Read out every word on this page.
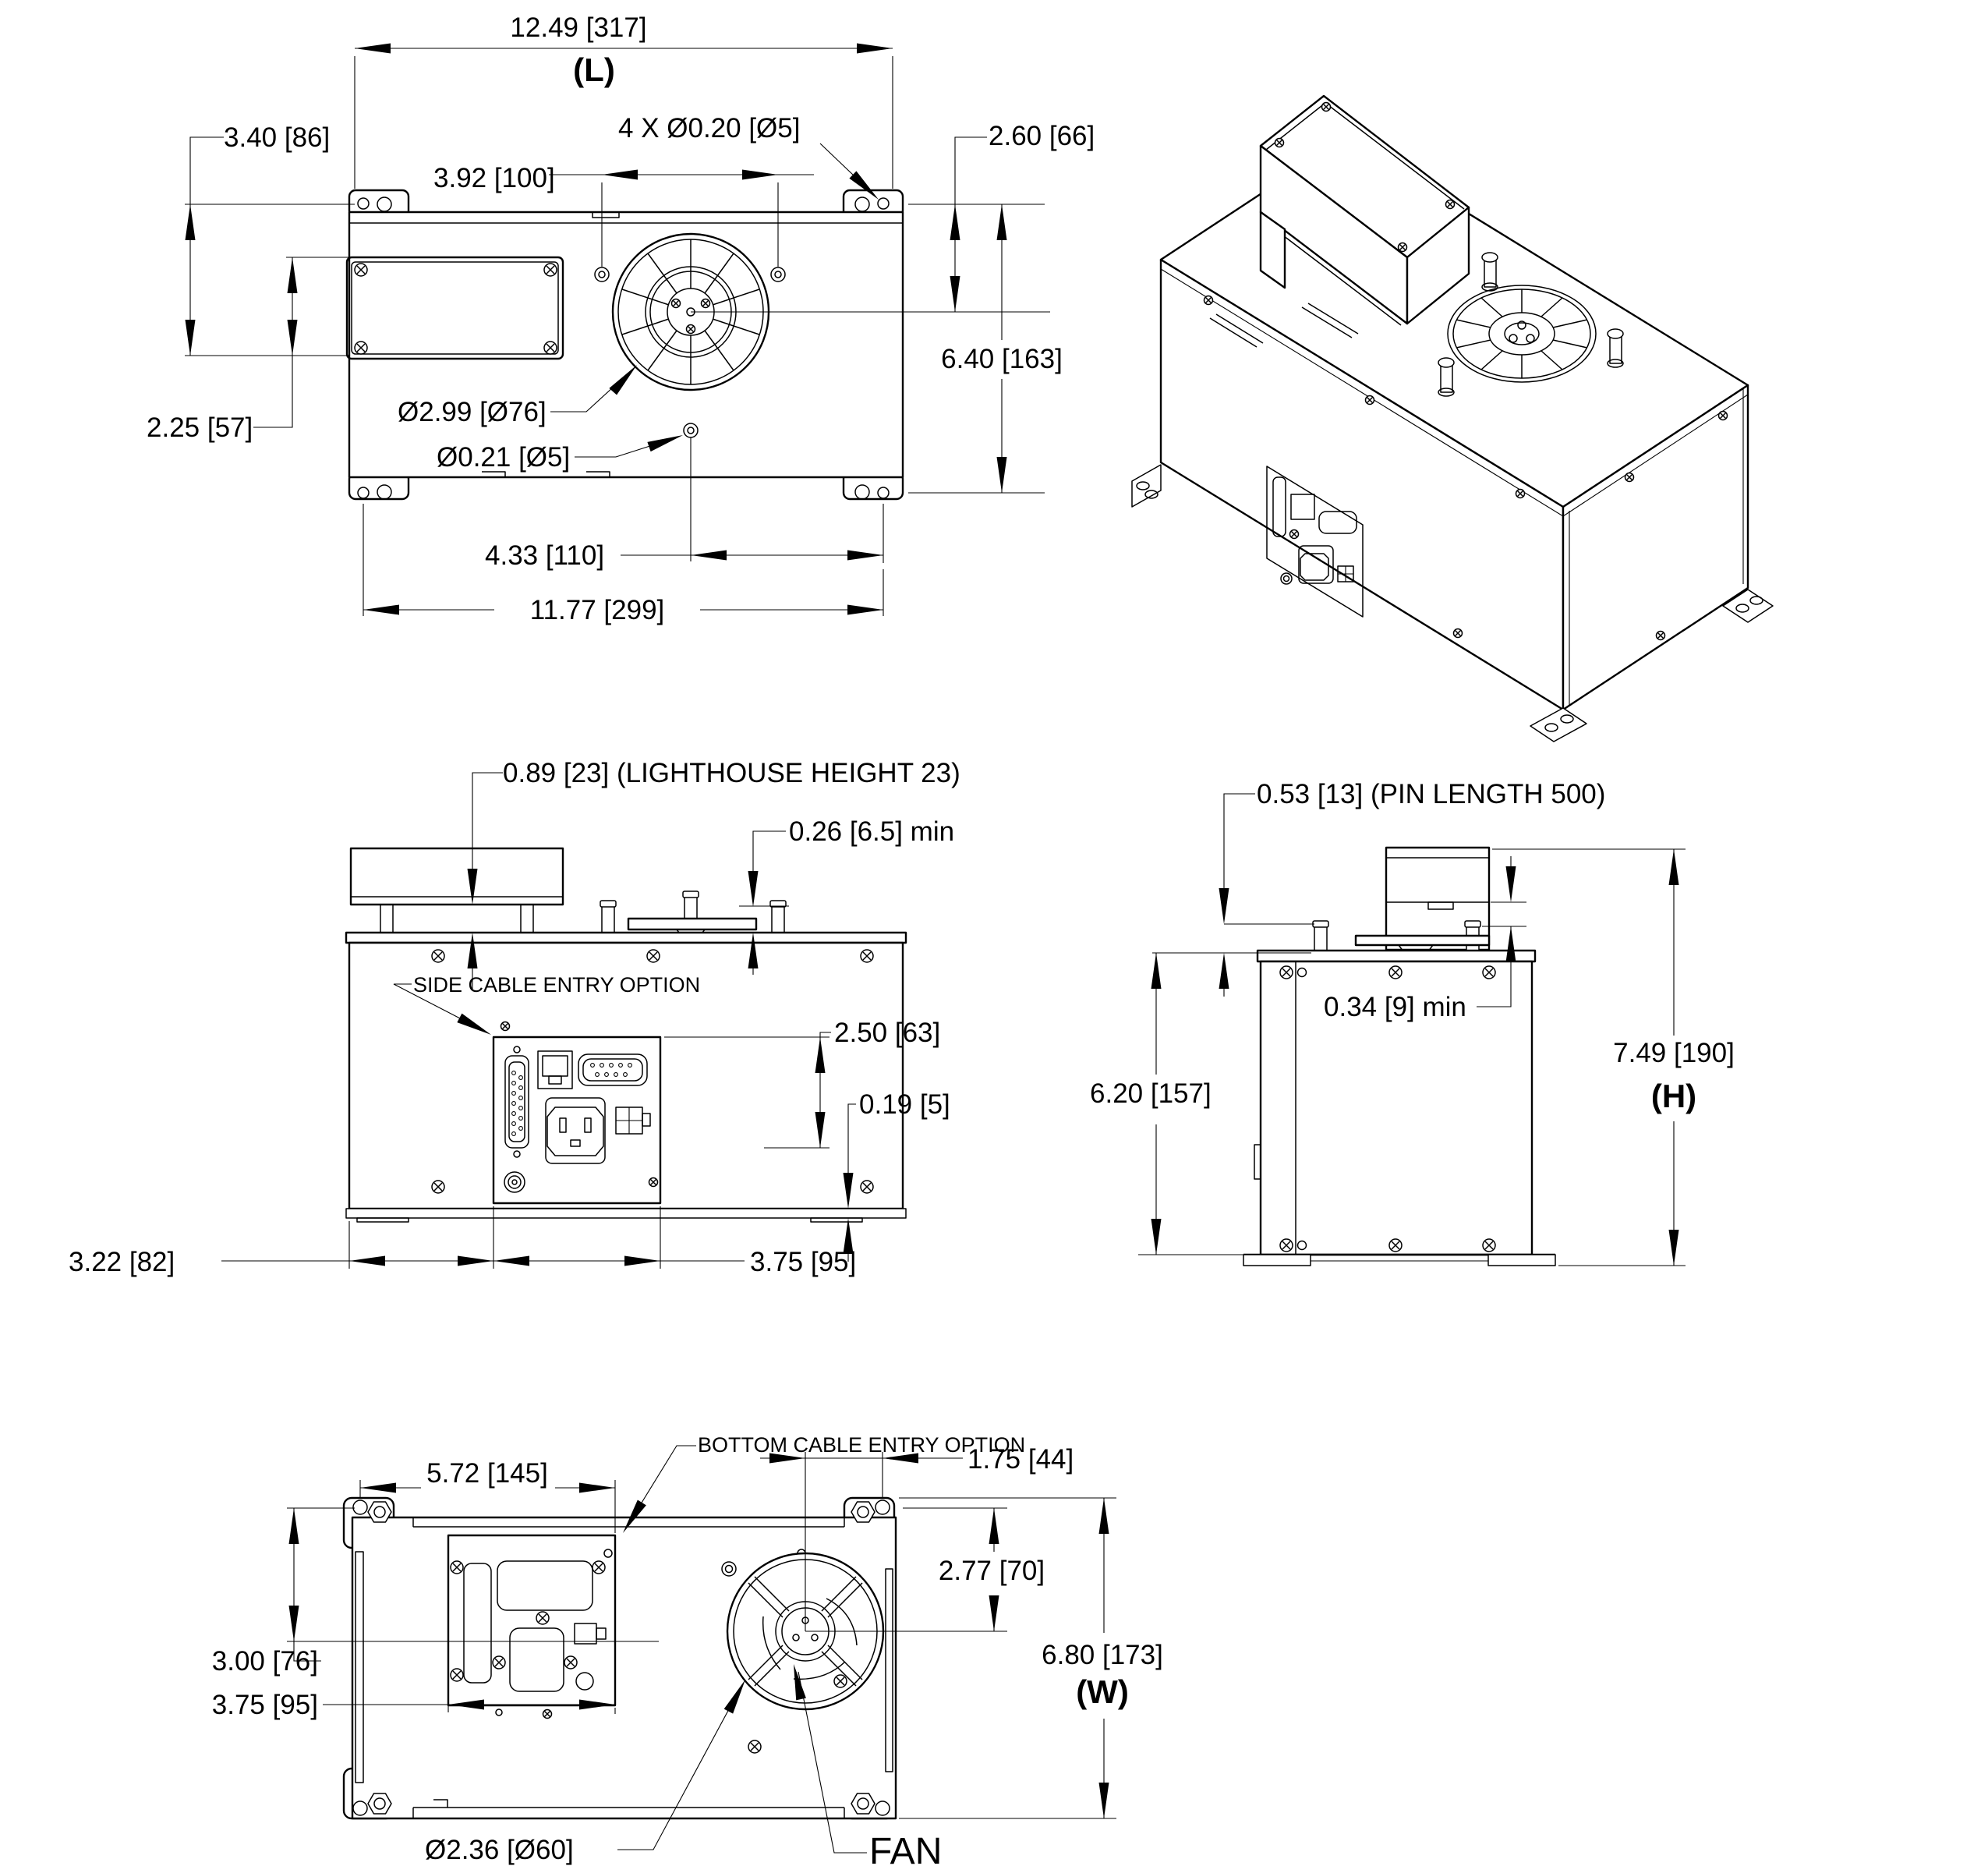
12.49 [317]
(L)
3.40 [86]
2.25 [57]
3.92 [100]
4 X Ø0.20 [Ø5]	2.60 [66]
6.40 [163]
Ø2.99 [Ø76]
Ø0.21 [Ø5]
4.33 [110]
11.77 [299]
0.89 [23] (LIGHTHOUSE HEIGHT 23)
0.26 [6.5] min
SIDE CABLE ENTRY OPTION
2.50 [63]
0.19 [5]
3.22 [82]	3.75 [95]
0.53 [13] (PIN LENGTH 500)
0.34 [9] min
6.20 [157]
7.49 [190]
(H)
5.72 [145]
BOTTOM CABLE ENTRY OPTION
1.75 [44]
2.77 [70]
6.80 [173]
(W)
3.00 [76]
3.75 [95]
Ø2.36 [Ø60]	FAN
